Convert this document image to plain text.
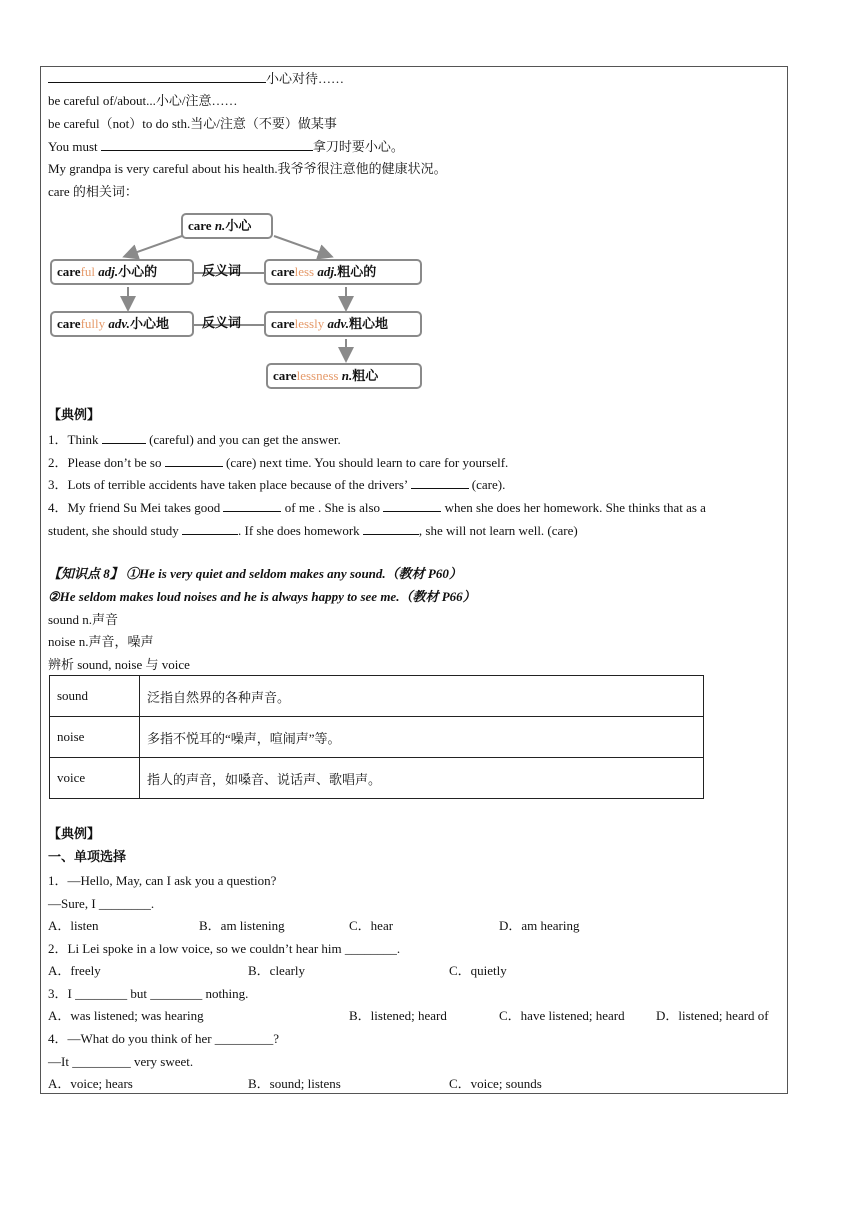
小心对待……
be careful of/about...小心/注意……
be careful（not）to do sth.当心/注意（不要）做某事
You must	拿刀时要小心。
My grandpa is very careful about his health.我爷爷很注意他的健康状况。
care 的相关词：
care n.小心
careful adj.小心的	反义词	careless adj.粗心的
carefully adv.小心地	反义词	carelessly adv.粗心地
carelessness n.粗心
【典例】
1．Think	(careful) and you can get the answer.
2．Please don’t be so	(care) next time. You should learn to care for yourself.
3．Lots of terrible accidents have taken place because of the drivers’	(care).
4．My friend Su Mei takes good	of me . She is also	when she does her homework. She thinks that as a
student, she should study	. If she does homework	, she will not learn well. (care)
【知识点 8】 ①He is very quiet and seldom makes any sound.（教材 P60）
②He seldom makes loud noises and he is always happy to see me.（教材 P66）
sound n.声音
noise n.声音，噪声
辨析 sound, noise 与 voice
sound	泛指自然界的各种声音。
noise	多指不悦耳的“噪声，喧闹声”等。
voice	指人的声音，如嗓音、说话声、歌唱声。
【典例】
一、单项选择
1．—Hello, May, can I ask you a question?
—Sure, I ________.
A．listen	B．am listening	C．hear	D．am hearing
2．Li Lei spoke in a low voice, so we couldn’t hear him ________.
A．freely	B．clearly	C．quietly
3．I ________ but ________ nothing.
A．was listened; was hearing	B．listened; heard	C．have listened; heard D．listened; heard of
4．—What do you think of her _________?
—It _________ very sweet.
A．voice; hears	B．sound; listens	C．voice; sounds
